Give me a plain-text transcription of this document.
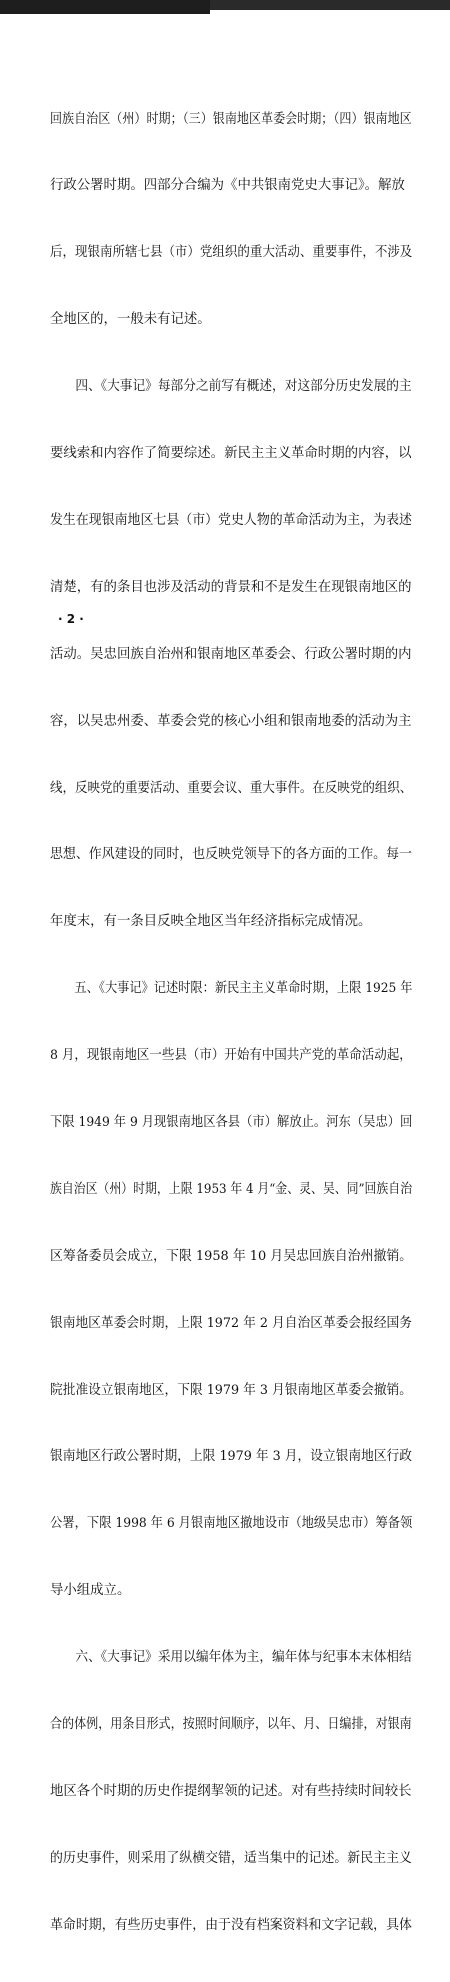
回族自治区（州）时期；（三）银南地区革委会时期；（四）银南地区

行政公署时期。四部分合编为《中共银南党史大事记》。解放

后，现银南所辖七县（市）党组织的重大活动、重要事件，不涉及

全地区的，一般未有记述。

　　四、《大事记》每部分之前写有概述，对这部分历史发展的主

要线索和内容作了简要综述。新民主主义革命时期的内容，以

发生在现银南地区七县（市）党史人物的革命活动为主，为表述

清楚，有的条目也涉及活动的背景和不是发生在现银南地区的

活动。吴忠回族自治州和银南地区革委会、行政公署时期的内

容，以吴忠州委、革委会党的核心小组和银南地委的活动为主

线，反映党的重要活动、重要会议、重大事件。在反映党的组织、

思想、作风建设的同时，也反映党领导下的各方面的工作。每一

年度末，有一条目反映全地区当年经济指标完成情况。

　　五、《大事记》记述时限：新民主主义革命时期，上限 1925 年

8 月，现银南地区一些县（市）开始有中国共产党的革命活动起，

下限 1949 年 9 月现银南地区各县（市）解放止。河东（吴忠）回

族自治区（州）时期，上限 1953 年 4 月“金、灵、吴、同”回族自治

区筹备委员会成立，下限 1958 年 10 月吴忠回族自治州撤销。

银南地区革委会时期，上限 1972 年 2 月自治区革委会报经国务

院批准设立银南地区，下限 1979 年 3 月银南地区革委会撤销。

银南地区行政公署时期，上限 1979 年 3 月，设立银南地区行政

公署，下限 1998 年 6 月银南地区撤地设市（地级吴忠市）筹备领

导小组成立。

　　六、《大事记》采用以编年体为主，编年体与纪事本末体相结

合的体例，用条目形式，按照时间顺序，以年、月、日编排，对银南

地区各个时期的历史作提纲挈领的记述。对有些持续时间较长

的历史事件，则采用了纵横交错，适当集中的记述。新民主主义

革命时期，有些历史事件，由于没有档案资料和文字记载，具体

· 2 ·
